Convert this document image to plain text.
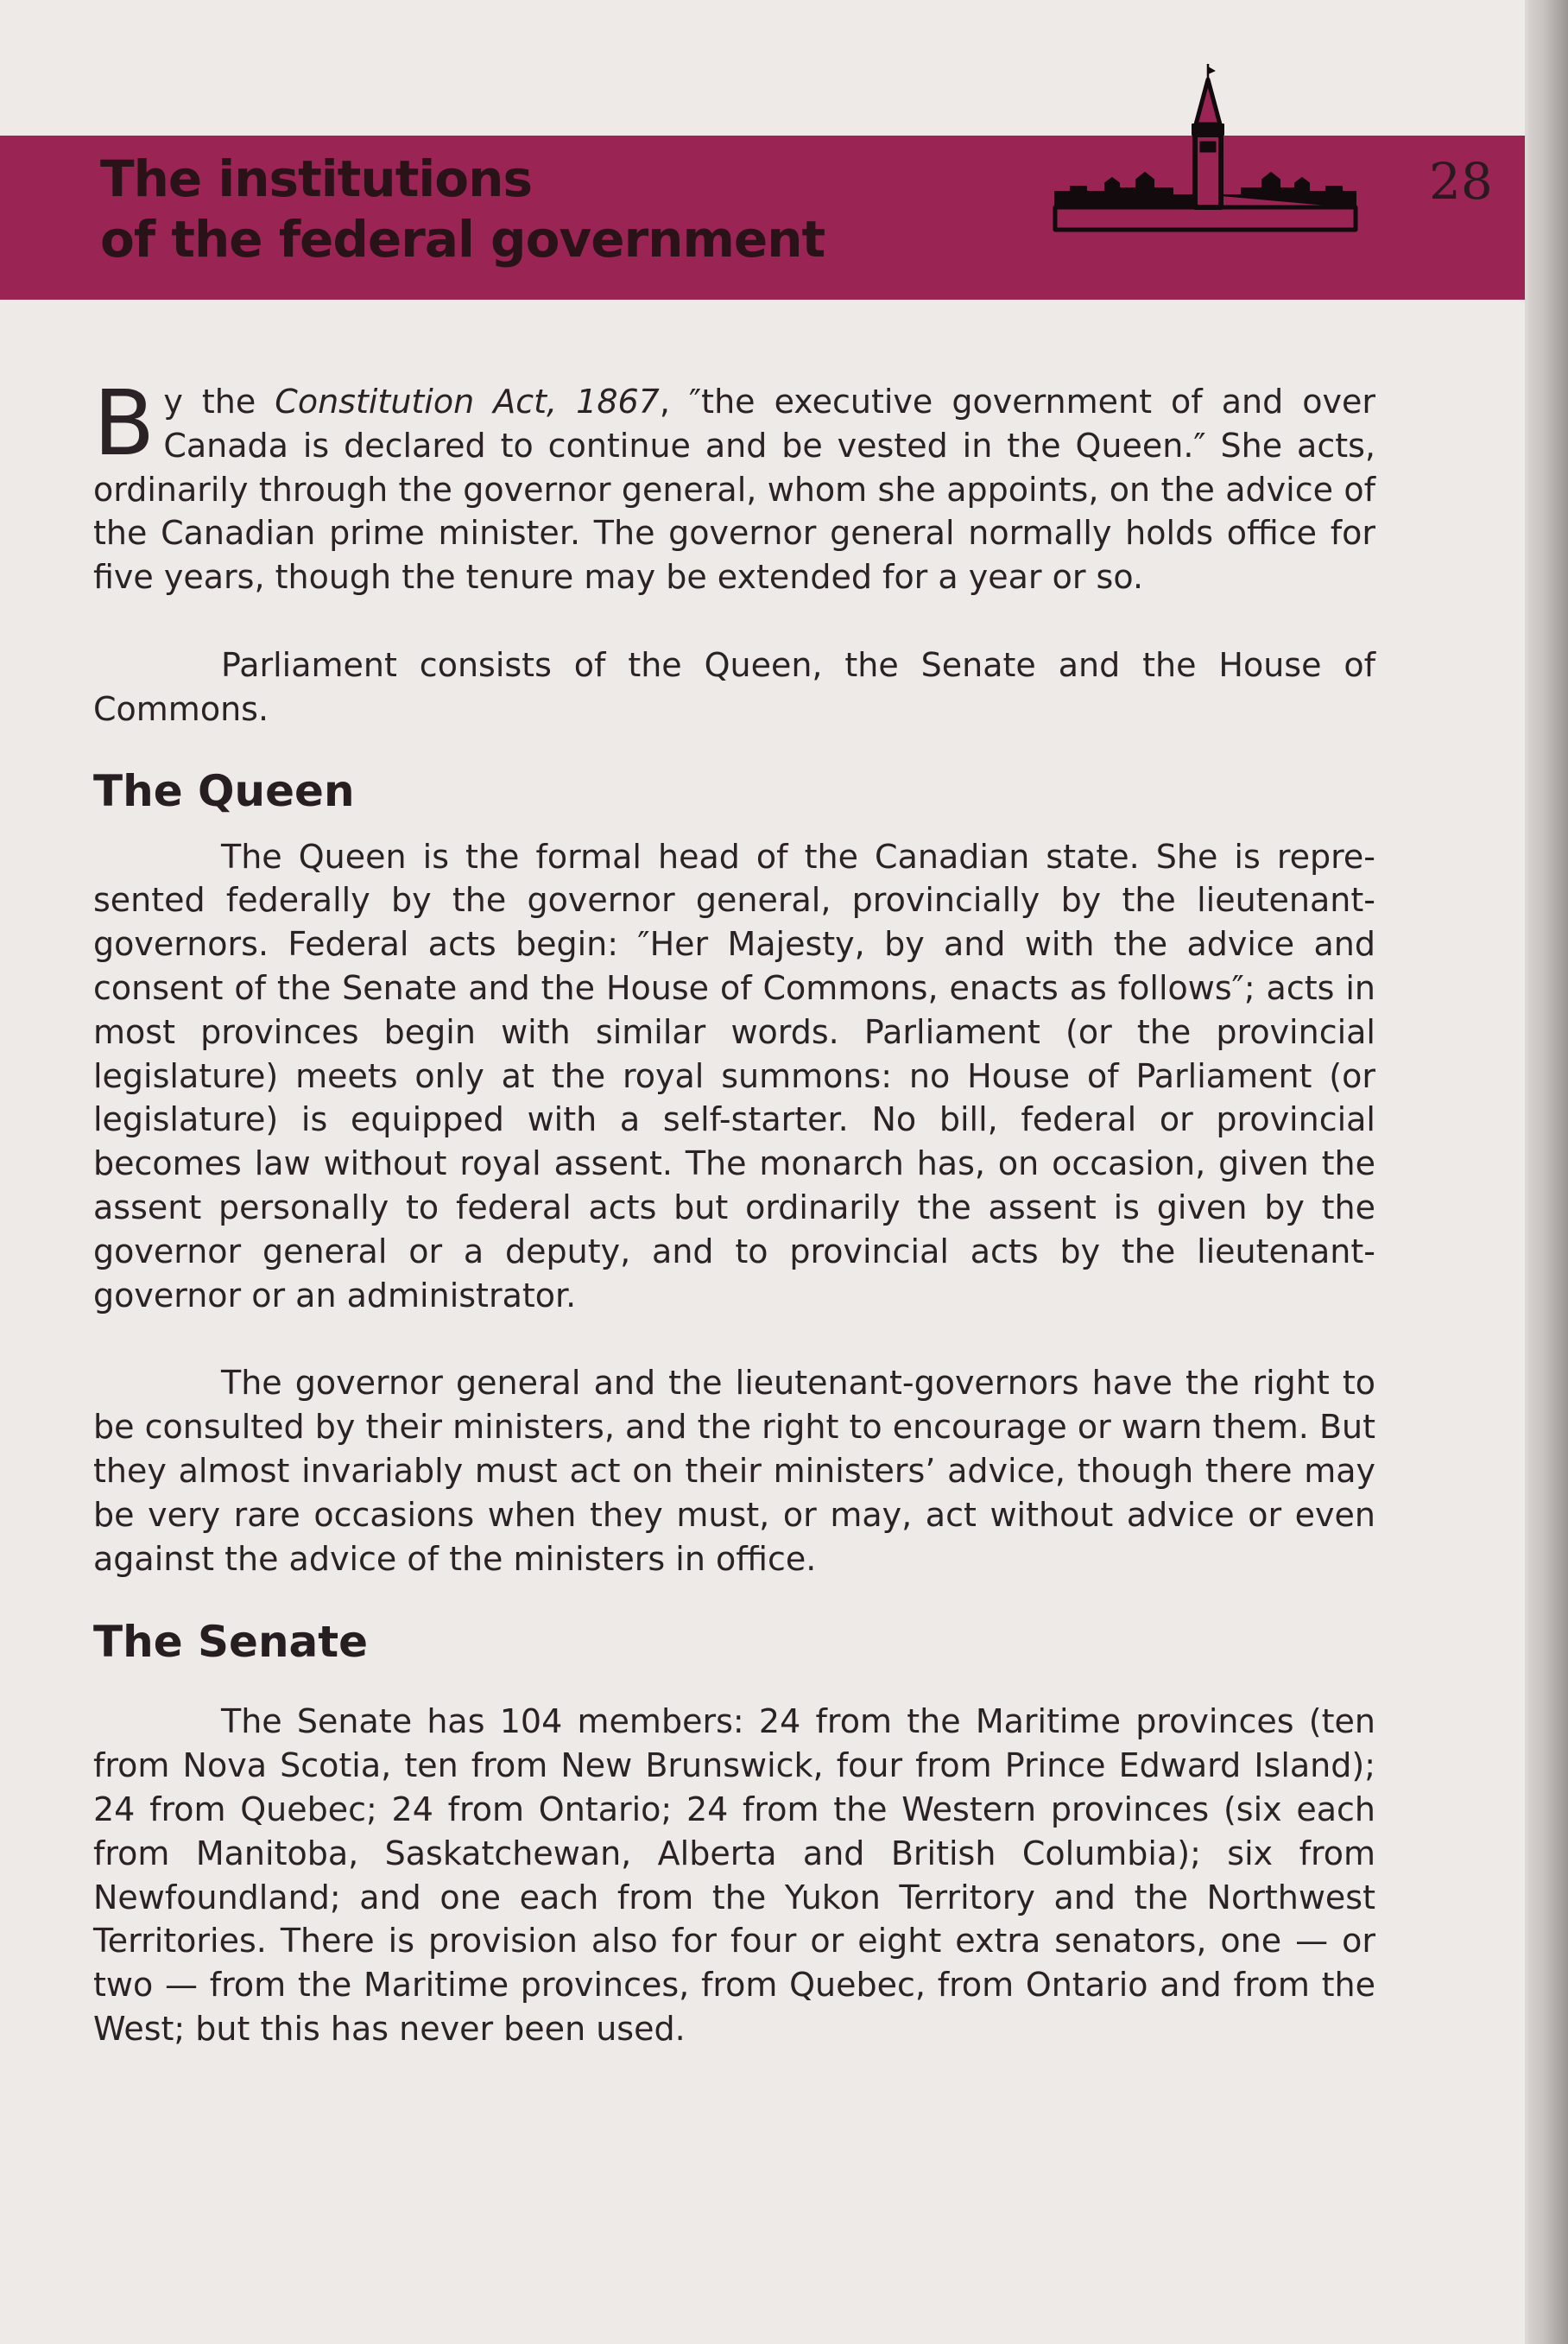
The institutions
of the federal government
28

By the Constitution Act, 1867, ″the executive government of and over Canada is declared to continue and be vested in the Queen.″ She acts, ordinarily through the governor general, whom she appoints, on the advice of the Canadian prime minister. The governor general normally holds office for five years, though the tenure may be extended for a year or so.

Parliament consists of the Queen, the Senate and the House of Commons.

The Queen

The Queen is the formal head of the Canadian state. She is represented federally by the governor general, provincially by the lieutenant-governors. Federal acts begin: ″Her Majesty, by and with the advice and consent of the Senate and the House of Commons, enacts as follows″; acts in most provinces begin with similar words. Parliament (or the provincial legislature) meets only at the royal summons: no House of Parliament (or legislature) is equipped with a self-starter. No bill, federal or provincial becomes law without royal assent. The monarch has, on occasion, given the assent personally to federal acts but ordinarily the assent is given by the governor general or a deputy, and to provincial acts by the lieutenant-governor or an administrator.

The governor general and the lieutenant-governors have the right to be consulted by their ministers, and the right to encourage or warn them. But they almost invariably must act on their ministers’ advice, though there may be very rare occasions when they must, or may, act without advice or even against the advice of the ministers in office.

The Senate

The Senate has 104 members: 24 from the Maritime provinces (ten from Nova Scotia, ten from New Brunswick, four from Prince Edward Island); 24 from Quebec; 24 from Ontario; 24 from the Western provinces (six each from Manitoba, Saskatchewan, Alberta and British Columbia); six from Newfoundland; and one each from the Yukon Territory and the Northwest Territories. There is provision also for four or eight extra senators, one — or two — from the Maritime provinces, from Quebec, from Ontario and from the West; but this has never been used.
